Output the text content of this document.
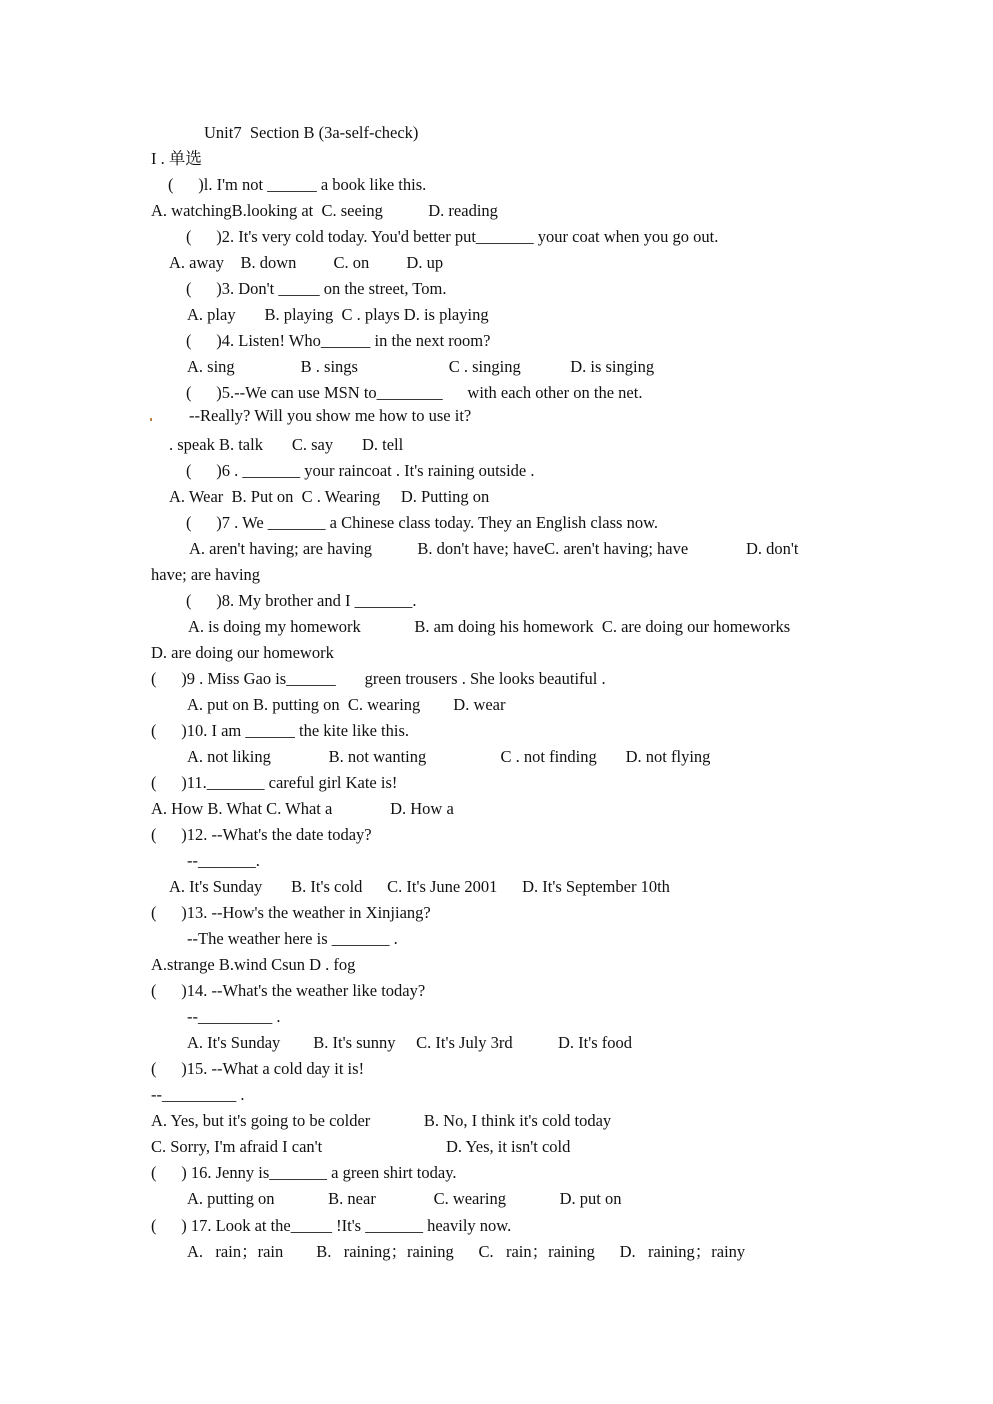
Unit7  Section B (3a-self-check)
I . 单选
(      )l. I'm not ______ a book like this.
A. watchingB.looking at  C. seeing           D. reading
(      )2. It's very cold today. You'd better put_______ your coat when you go out.
A. away    B. down         C. on         D. up
(      )3. Don't _____ on the street, Tom.
A. play       B. playing  C . plays D. is playing
(      )4. Listen! Who______ in the next room?
A. sing                B . sings                      C . singing            D. is singing
(      )5.--We can use MSN to________      with each other on the net.
--Really? Will you show me how to use it?
. speak B. talk       C. say       D. tell
(      )6 . _______ your raincoat . It's raining outside .
A. Wear  B. Put on  C . Wearing     D. Putting on
(      )7 . We _______ a Chinese class today. They an English class now.
A. aren't having; are having           B. don't have; haveC. aren't having; have              D. don't
have; are having
(      )8. My brother and I _______.
A. is doing my homework             B. am doing his homework  C. are doing our homeworks
D. are doing our homework
(      )9 . Miss Gao is______       green trousers . She looks beautiful .
A. put on B. putting on  C. wearing        D. wear
(      )10. I am ______ the kite like this.
A. not liking              B. not wanting                  C . not finding       D. not flying
(      )11._______ careful girl Kate is!
A. How B. What C. What a              D. How a
(      )12. --What's the date today?
--_______.
A. It's Sunday       B. It's cold      C. It's June 2001      D. It's September 10th
(      )13. --How's the weather in Xinjiang?
--The weather here is _______ .
A.strange B.wind Csun D . fog
(      )14. --What's the weather like today?
--_________ .
A. It's Sunday        B. It's sunny     C. It's July 3rd           D. It's food
(      )15. --What a cold day it is!
--_________ .
A. Yes, but it's going to be colder             B. No, I think it's cold today
C. Sorry, I'm afraid I can't                              D. Yes, it isn't cold
(      ) 16. Jenny is_______ a green shirt today.
A. putting on             B. near              C. wearing             D. put on
(      ) 17. Look at the_____ !It's _______ heavily now.
A.   rain；rain        B.   raining；raining      C.   rain；raining      D.   raining；rainy
